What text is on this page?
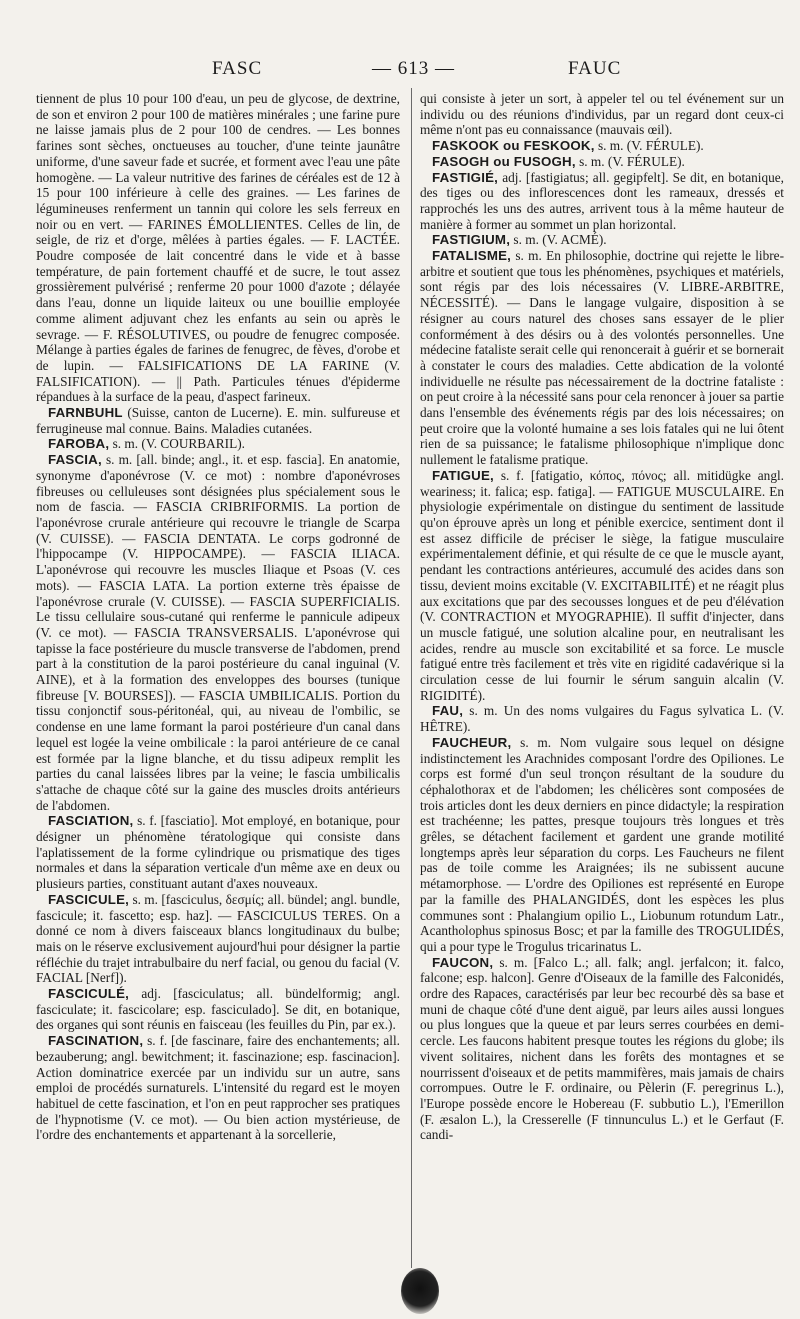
FASC	— 613 —	FAUC

tiennent de plus 10 pour 100 d'eau, un peu de glycose, de dextrine, de son et environ 2 pour 100 de matières minérales ; une farine pure ne laisse jamais plus de 2 pour 100 de cendres. — Les bonnes farines sont sèches, onctueuses au toucher, d'une teinte jaunâtre uniforme, d'une saveur fade et sucrée, et forment avec l'eau une pâte homogène. — La valeur nutritive des farines de céréales est de 12 à 15 pour 100 inférieure à celle des graines. — Les farines de légumineuses renferment un tannin qui colore les sels ferreux en noir ou en vert. — FARINES ÉMOLLIENTES. Celles de lin, de seigle, de riz et d'orge, mêlées à parties égales. — F. LACTÉE. Poudre composée de lait concentré dans le vide et à basse température, de pain fortement chauffé et de sucre, le tout assez grossièrement pulvérisé ; renferme 20 pour 1000 d'azote ; délayée dans l'eau, donne un liquide laiteux ou une bouillie employée comme aliment adjuvant chez les enfants au sein ou après le sevrage. — F. RÉSOLUTIVES, ou poudre de fenugrec composée. Mélange à parties égales de farines de fenugrec, de fèves, d'orobe et de lupin. — FALSIFICATIONS DE LA FARINE (V. FALSIFICATION). — || Path. Particules ténues d'épiderme répandues à la surface de la peau, d'aspect farineux.

FARNBUHL (Suisse, canton de Lucerne). E. min. sulfureuse et ferrugineuse mal connue. Bains. Maladies cutanées.

FAROBA, s. m. (V. COURBARIL).

FASCIA, s. m. [all. binde; angl., it. et esp. fascia]. En anatomie, synonyme d'aponévrose (V. ce mot) : nombre d'aponévroses fibreuses ou celluleuses sont désignées plus spécialement sous le nom de fascia. — FASCIA CRIBRIFORMIS. La portion de l'aponévrose crurale antérieure qui recouvre le triangle de Scarpa (V. CUISSE). — FASCIA DENTATA. Le corps godronné de l'hippocampe (V. HIPPOCAMPE). — FASCIA ILIACA. L'aponévrose qui recouvre les muscles Iliaque et Psoas (V. ces mots). — FASCIA LATA. La portion externe très épaisse de l'aponévrose crurale (V. CUISSE). — FASCIA SUPERFICIALIS. Le tissu cellulaire sous-cutané qui renferme le pannicule adipeux (V. ce mot). — FASCIA TRANSVERSALIS. L'aponévrose qui tapisse la face postérieure du muscle transverse de l'abdomen, prend part à la constitution de la paroi postérieure du canal inguinal (V. AINE), et à la formation des enveloppes des bourses (tunique fibreuse [V. BOURSES]). — FASCIA UMBILICALIS. Portion du tissu conjonctif sous-péritonéal, qui, au niveau de l'ombilic, se condense en une lame formant la paroi postérieure d'un canal dans lequel est logée la veine ombilicale : la paroi antérieure de ce canal est formée par la ligne blanche, et du tissu adipeux remplit les parties du canal laissées libres par la veine; le fascia umbilicalis s'attache de chaque côté sur la gaine des muscles droits antérieurs de l'abdomen.

FASCIATION, s. f. [fasciatio]. Mot employé, en botanique, pour désigner un phénomène tératologique qui consiste dans l'aplatissement de la forme cylindrique ou prismatique des tiges normales et dans la séparation verticale d'un même axe en deux ou plusieurs parties, constituant autant d'axes nouveaux.

FASCICULE, s. m. [fasciculus, δεσμίς; all. bündel; angl. bundle, fascicule; it. fascetto; esp. haz]. — FASCICULUS TERES. On a donné ce nom à divers faisceaux blancs longitudinaux du bulbe; mais on le réserve exclusivement aujourd'hui pour désigner la partie réfléchie du trajet intrabulbaire du nerf facial, ou genou du facial (V. FACIAL [Nerf]).

FASCICULÉ, adj. [fasciculatus; all. bündelformig; angl. fasciculate; it. fascicolare; esp. fasciculado]. Se dit, en botanique, des organes qui sont réunis en faisceau (les feuilles du Pin, par ex.).

FASCINATION, s. f. [de fascinare, faire des enchantements; all. bezauberung; angl. bewitchment; it. fascinazione; esp. fascinacion]. Action dominatrice exercée par un individu sur un autre, sans emploi de procédés surnaturels. L'intensité du regard est le moyen habituel de cette fascination, et l'on en peut rapprocher ses pratiques de l'hypnotisme (V. ce mot). — Ou bien action mystérieuse, de l'ordre des enchantements et appartenant à la sorcellerie,

qui consiste à jeter un sort, à appeler tel ou tel événement sur un individu ou des réunions d'individus, par un regard dont ceux-ci même n'ont pas eu connaissance (mauvais œil).

FASKOOK ou FESKOOK, s. m. (V. FÉRULE).

FASOGH ou FUSOGH, s. m. (V. FÉRULE).

FASTIGIÉ, adj. [fastigiatus; all. gegipfelt]. Se dit, en botanique, des tiges ou des inflorescences dont les rameaux, dressés et rapprochés les uns des autres, arrivent tous à la même hauteur de manière à former au sommet un plan horizontal.

FASTIGIUM, s. m. (V. ACMÉ).

FATALISME, s. m. En philosophie, doctrine qui rejette le libre-arbitre et soutient que tous les phénomènes, psychiques et matériels, sont régis par des lois nécessaires (V. LIBRE-ARBITRE, NÉCESSITÉ). — Dans le langage vulgaire, disposition à se résigner au cours naturel des choses sans essayer de le plier conformément à des désirs ou à des volontés personnelles. Une médecine fataliste serait celle qui renoncerait à guérir et se bornerait à constater le cours des maladies. Cette abdication de la volonté individuelle ne résulte pas nécessairement de la doctrine fataliste : on peut croire à la nécessité sans pour cela renoncer à jouer sa partie dans l'ensemble des événements régis par des lois nécessaires; on peut croire que la volonté humaine a ses lois fatales qui ne lui ôtent rien de sa puissance; le fatalisme philosophique n'implique donc nullement le fatalisme pratique.

FATIGUE, s. f. [fatigatio, κόπος, πόνος; all. mitidügke angl. weariness; it. falica; esp. fatiga]. — FATIGUE MUSCULAIRE. En physiologie expérimentale on distingue du sentiment de lassitude qu'on éprouve après un long et pénible exercice, sentiment dont il est assez difficile de préciser le siège, la fatigue musculaire expérimentalement définie, et qui résulte de ce que le muscle ayant, pendant les contractions antérieures, accumulé des acides dans son tissu, devient moins excitable (V. EXCITABILITÉ) et ne réagit plus aux excitations que par des secousses longues et de peu d'élévation (V. CONTRACTION et MYOGRAPHIE). Il suffit d'injecter, dans un muscle fatigué, une solution alcaline pour, en neutralisant les acides, rendre au muscle son excitabilité et sa force. Le muscle fatigué entre très facilement et très vite en rigidité cadavérique si la circulation cesse de lui fournir le sérum sanguin alcalin (V. RIGIDITÉ).

FAU, s. m. Un des noms vulgaires du Fagus sylvatica L. (V. HÊTRE).

FAUCHEUR, s. m. Nom vulgaire sous lequel on désigne indistinctement les Arachnides composant l'ordre des Opiliones. Le corps est formé d'un seul tronçon résultant de la soudure du céphalothorax et de l'abdomen; les chélicères sont composées de trois articles dont les deux derniers en pince didactyle; la respiration est trachéenne; les pattes, presque toujours très longues et très grêles, se détachent facilement et gardent une grande motilité longtemps après leur séparation du corps. Les Faucheurs ne filent pas de toile comme les Araignées; ils ne subissent aucune métamorphose. — L'ordre des Opiliones est représenté en Europe par la famille des PHALANGIDÉS, dont les espèces les plus communes sont : Phalangium opilio L., Liobunum rotundum Latr., Acantholophus spinosus Bosc; et par la famille des TROGULIDÉS, qui a pour type le Trogulus tricarinatus L.

FAUCON, s. m. [Falco L.; all. falk; angl. jerfalcon; it. falco, falcone; esp. halcon]. Genre d'Oiseaux de la famille des Falconidés, ordre des Rapaces, caractérisés par leur bec recourbé dès sa base et muni de chaque côté d'une dent aiguë, par leurs ailes aussi longues ou plus longues que la queue et par leurs serres courbées en demi-cercle. Les faucons habitent presque toutes les régions du globe; ils vivent solitaires, nichent dans les forêts des montagnes et se nourrissent d'oiseaux et de petits mammifères, mais jamais de chairs corrompues. Outre le F. ordinaire, ou Pèlerin (F. peregrinus L.), l'Europe possède encore le Hobereau (F. subbutio L.), l'Emerillon (F. æsalon L.), la Cresserelle (F tinnunculus L.) et le Gerfaut (F. candi-
